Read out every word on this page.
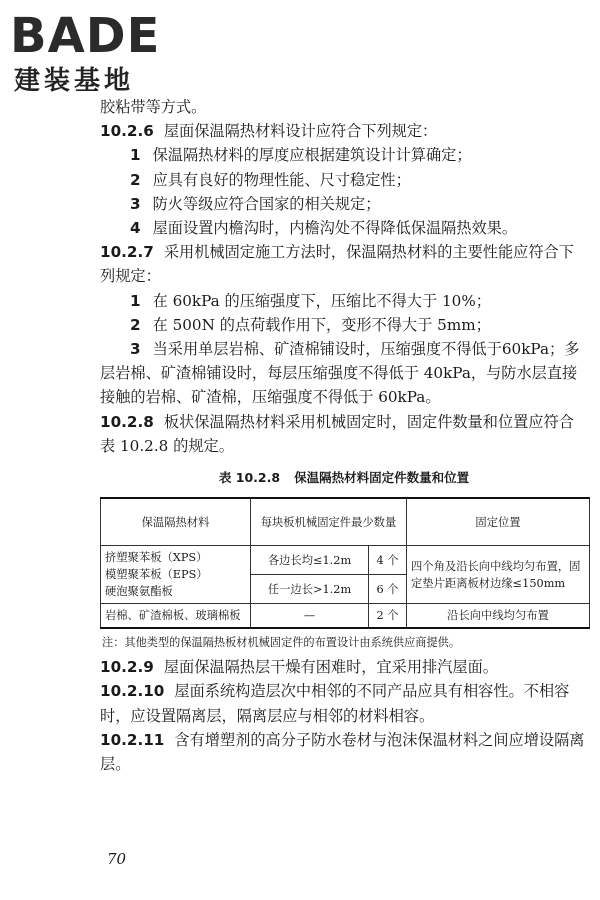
BADE
建装基地

胶粘带等方式。

10.2.6 屋面保温隔热材料设计应符合下列规定：

1 保温隔热材料的厚度应根据建筑设计计算确定；

2 应具有良好的物理性能、尺寸稳定性；

3 防火等级应符合国家的相关规定；

4 屋面设置内檐沟时，内檐沟处不得降低保温隔热效果。

10.2.7 采用机械固定施工方法时，保温隔热材料的主要性能应符合下列规定：

1 在 60kPa 的压缩强度下，压缩比不得大于 10%；

2 在 500N 的点荷载作用下，变形不得大于 5mm；

3 当采用单层岩棉、矿渣棉铺设时，压缩强度不得低于60kPa；多层岩棉、矿渣棉铺设时，每层压缩强度不得低于 40kPa，与防水层直接接触的岩棉、矿渣棉，压缩强度不得低于 60kPa。

10.2.8 板状保温隔热材料采用机械固定时，固定件数量和位置应符合表 10.2.8 的规定。

表 10.2.8 保温隔热材料固定件数量和位置
保温隔热材料	每块板机械固定件最少数量		固定位置

挤塑聚苯板（XPS）
模塑聚苯板（EPS）
硬泡聚氨酯板	各边长均≤1.2m	4 个	四个角及沿长向中线均匀布置，固定垫片距离板材边缘≤150mm
	任一边长>1.2m	6 个	
岩棉、矿渣棉板、玻璃棉板	—	2 个	沿长向中线均匀布置
注：其他类型的保温隔热板材机械固定件的布置设计由系统供应商提供。

10.2.9 屋面保温隔热层干燥有困难时，宜采用排汽屋面。

10.2.10 屋面系统构造层次中相邻的不同产品应具有相容性。不相容时，应设置隔离层，隔离层应与相邻的材料相容。

10.2.11 含有增塑剂的高分子防水卷材与泡沫保温材料之间应增设隔离层。

70
